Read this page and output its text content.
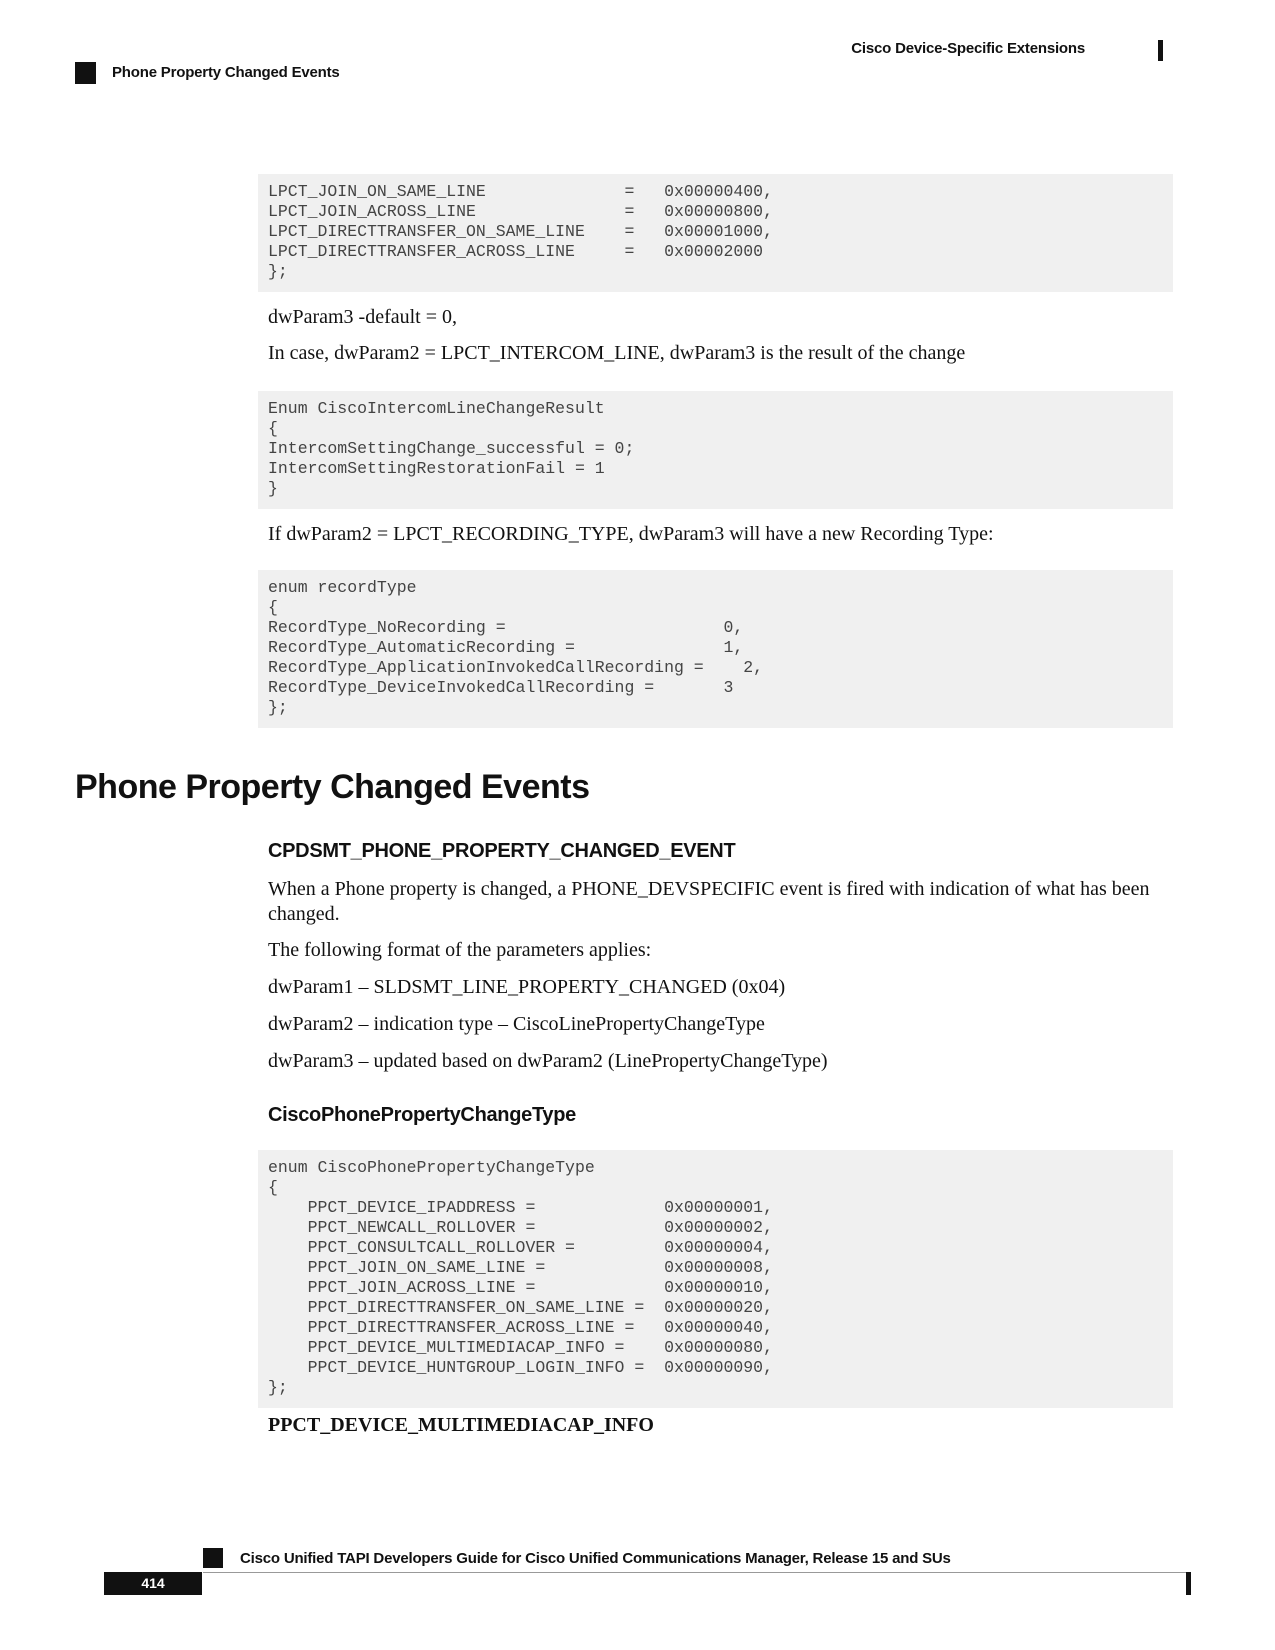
Cisco Device-Specific Extensions
Phone Property Changed Events
LPCT_JOIN_ON_SAME_LINE              =   0x00000400,
LPCT_JOIN_ACROSS_LINE               =   0x00000800,
LPCT_DIRECTTRANSFER_ON_SAME_LINE    =   0x00001000,
LPCT_DIRECTTRANSFER_ACROSS_LINE     =   0x00002000
};
dwParam3 -default = 0,
In case, dwParam2 = LPCT_INTERCOM_LINE, dwParam3 is the result of the change
Enum CiscoIntercomLineChangeResult
{
IntercomSettingChange_successful = 0;
IntercomSettingRestorationFail = 1
}
If dwParam2 = LPCT_RECORDING_TYPE, dwParam3 will have a new Recording Type:
enum recordType
{
RecordType_NoRecording =                      0,
RecordType_AutomaticRecording =               1,
RecordType_ApplicationInvokedCallRecording =    2,
RecordType_DeviceInvokedCallRecording =       3
};
Phone Property Changed Events
CPDSMT_PHONE_PROPERTY_CHANGED_EVENT
When a Phone property is changed, a PHONE_DEVSPECIFIC event is fired with indication of what has been changed.
The following format of the parameters applies:
dwParam1 – SLDSMT_LINE_PROPERTY_CHANGED (0x04)
dwParam2 – indication type – CiscoLinePropertyChangeType
dwParam3 – updated based on dwParam2 (LinePropertyChangeType)
CiscoPhonePropertyChangeType
enum CiscoPhonePropertyChangeType
{
PPCT_DEVICE_IPADDRESS =             0x00000001,
PPCT_NEWCALL_ROLLOVER =             0x00000002,
PPCT_CONSULTCALL_ROLLOVER =         0x00000004,
PPCT_JOIN_ON_SAME_LINE =            0x00000008,
PPCT_JOIN_ACROSS_LINE =             0x00000010,
PPCT_DIRECTTRANSFER_ON_SAME_LINE =  0x00000020,
PPCT_DIRECTTRANSFER_ACROSS_LINE =   0x00000040,
PPCT_DEVICE_MULTIMEDIACAP_INFO =    0x00000080,
PPCT_DEVICE_HUNTGROUP_LOGIN_INFO =  0x00000090,
};
PPCT_DEVICE_MULTIMEDIACAP_INFO
Cisco Unified TAPI Developers Guide for Cisco Unified Communications Manager, Release 15 and SUs
414
